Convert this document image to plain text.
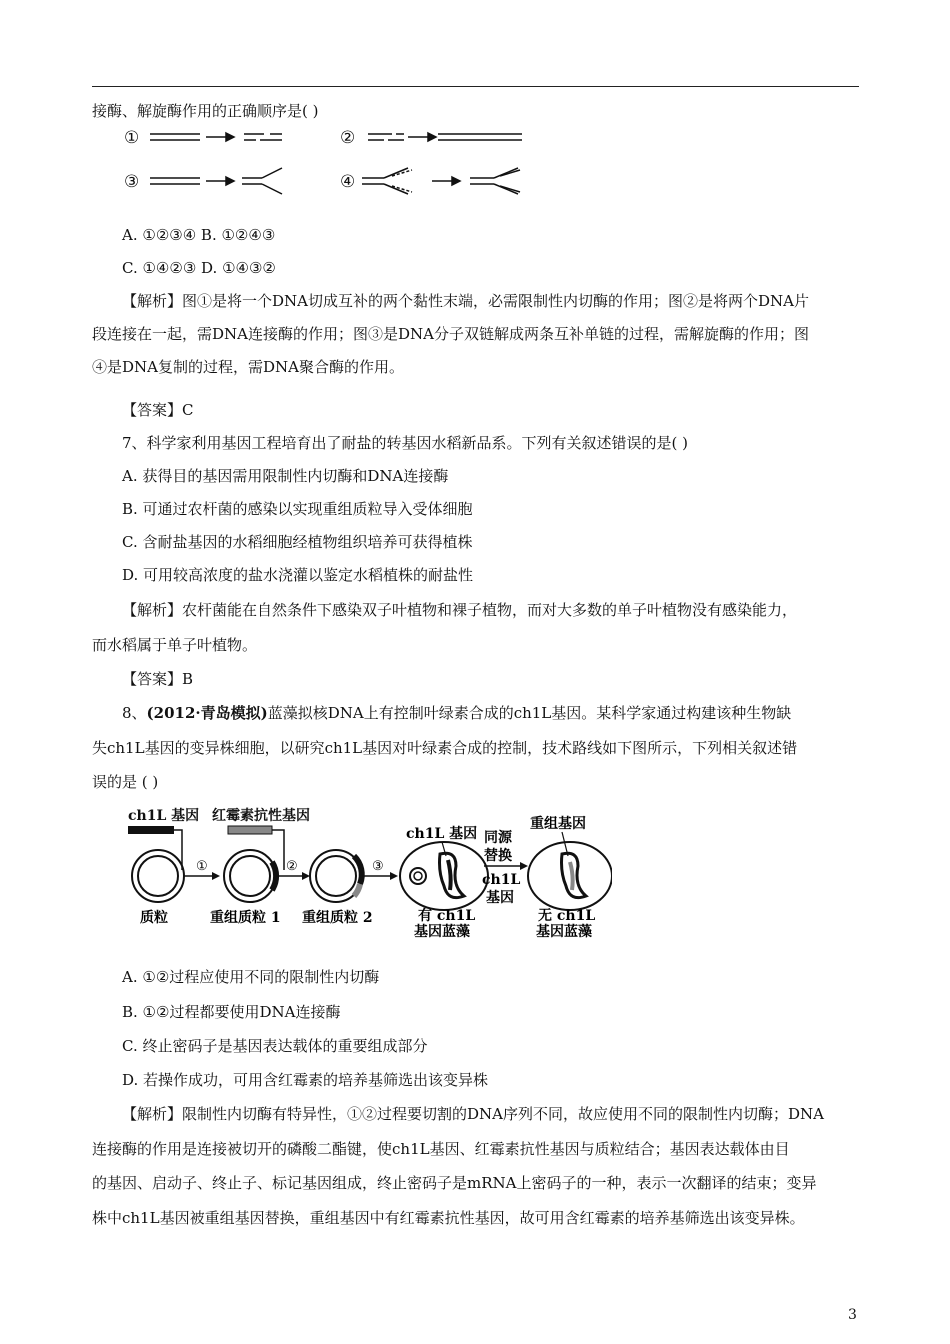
接酶、解旋酶作用的正确顺序是( )
①	②
③	④
A. ①②③④ B. ①②④③
C. ①④②③ D. ①④③②
【解析】图①是将一个DNA切成互补的两个黏性末端，必需限制性内切酶的作用；图②是将两个DNA片
段连接在一起，需DNA连接酶的作用；图③是DNA分子双链解成两条互补单链的过程，需解旋酶的作用；图
④是DNA复制的过程，需DNA聚合酶的作用。
【答案】C
7、科学家利用基因工程培育出了耐盐的转基因水稻新品系。下列有关叙述错误的是( )
A. 获得目的基因需用限制性内切酶和DNA连接酶
B. 可通过农杆菌的感染以实现重组质粒导入受体细胞
C. 含耐盐基因的水稻细胞经植物组织培养可获得植株
D. 可用较高浓度的盐水浇灌以鉴定水稻植株的耐盐性
【解析】农杆菌能在自然条件下感染双子叶植物和裸子植物，而对大多数的单子叶植物没有感染能力，
而水稻属于单子叶植物。
【答案】B
8、(2012·青岛模拟)蓝藻拟核DNA上有控制叶绿素合成的ch1L基因。某科学家通过构建该种生物缺
失ch1L基因的变异株细胞，以研究ch1L基因对叶绿素合成的控制，技术路线如下图所示，下列相关叙述错
误的是 ( )
ch1L 基因 红霉素抗性基因
①	②	③
ch1L 基因 同源
替换
ch1L
基因
重组基因
质粒	重组质粒 1 重组质粒 2	有 ch1L
基因蓝藻
无 ch1L
基因蓝藻
A. ①②过程应使用不同的限制性内切酶
B. ①②过程都要使用DNA连接酶
C. 终止密码子是基因表达载体的重要组成部分
D. 若操作成功，可用含红霉素的培养基筛选出该变异株
【解析】限制性内切酶有特异性，①②过程要切割的DNA序列不同，故应使用不同的限制性内切酶；DNA
连接酶的作用是连接被切开的磷酸二酯键，使ch1L基因、红霉素抗性基因与质粒结合；基因表达载体由目
的基因、启动子、终止子、标记基因组成，终止密码子是mRNA上密码子的一种，表示一次翻译的结束；变异
株中ch1L基因被重组基因替换，重组基因中有红霉素抗性基因，故可用含红霉素的培养基筛选出该变异株。
3
